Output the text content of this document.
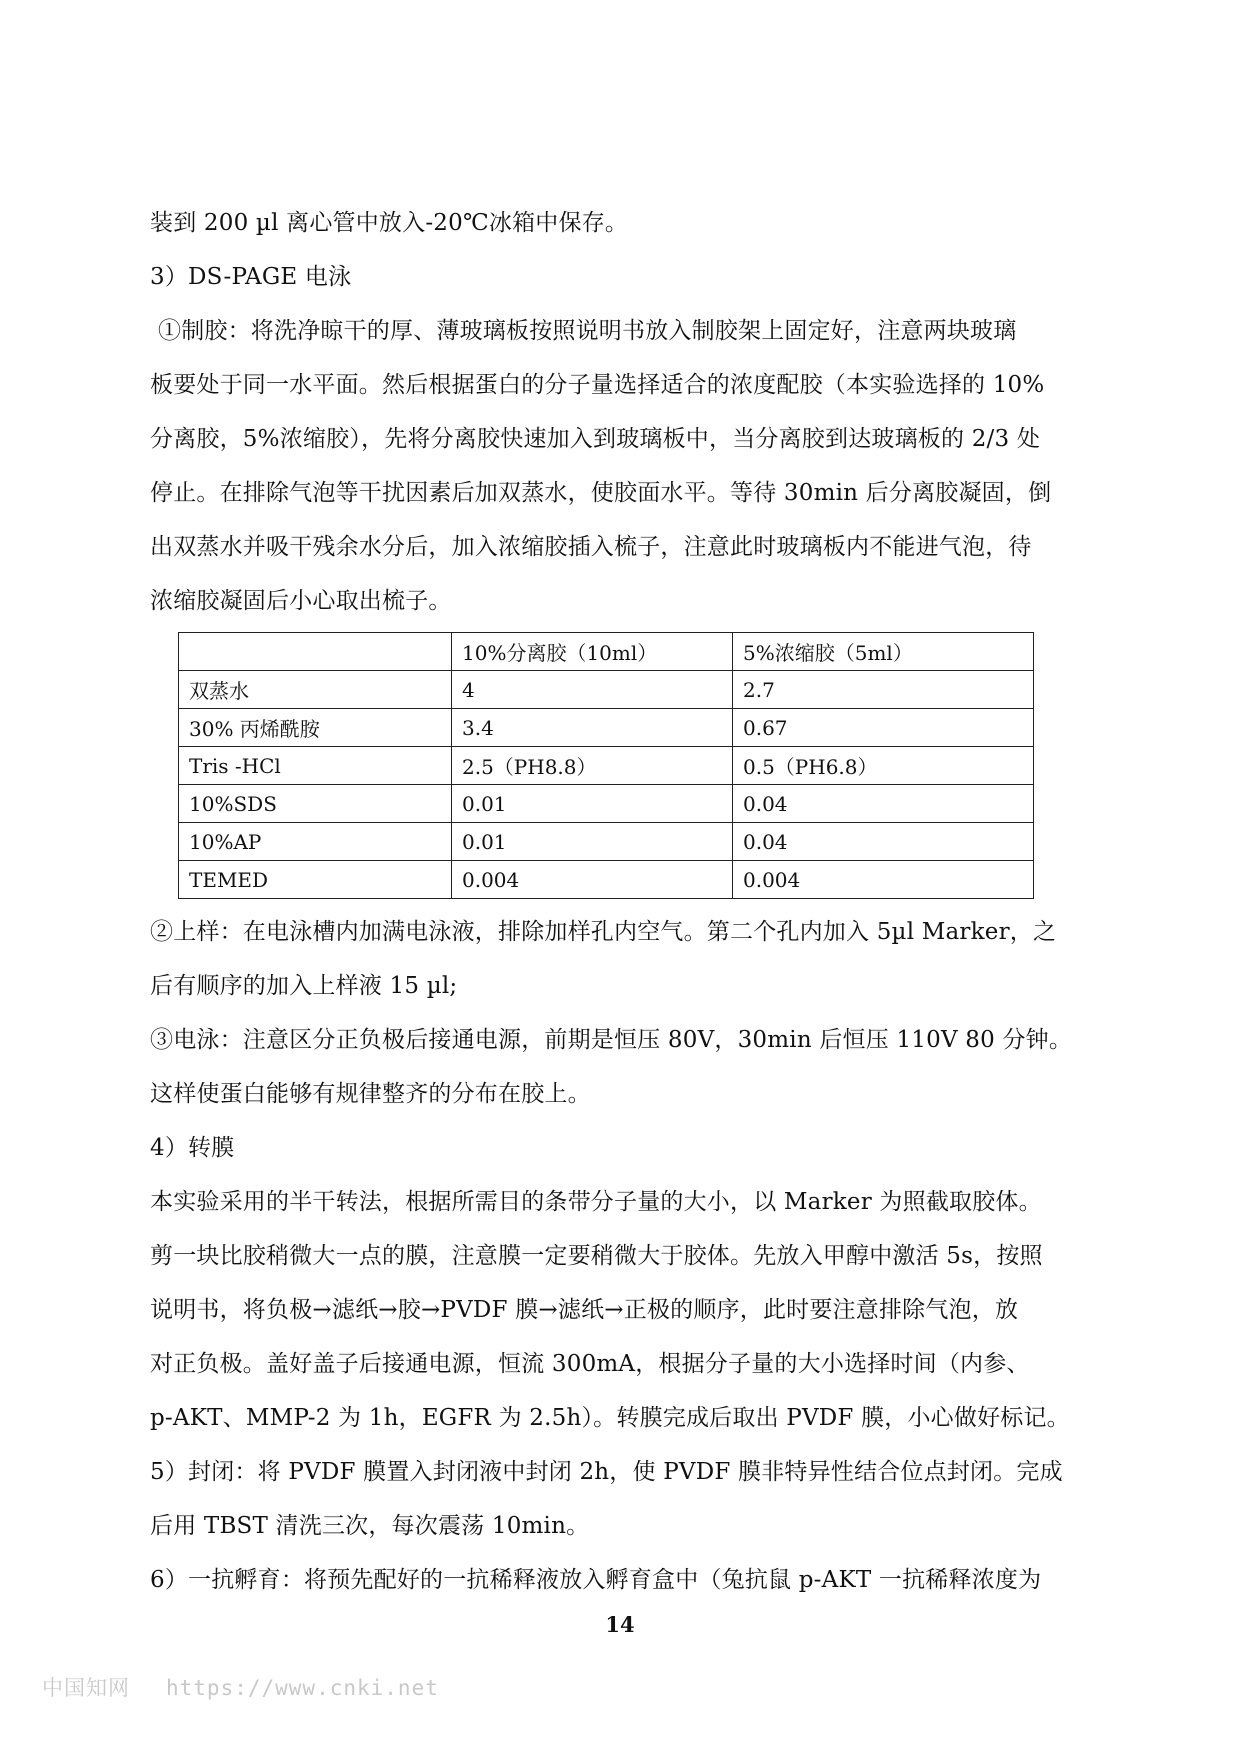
装到 200 µl 离心管中放入-20℃冰箱中保存。

3）DS-PAGE 电泳

①制胶：将洗净晾干的厚、薄玻璃板按照说明书放入制胶架上固定好，注意两块玻璃

板要处于同一水平面。然后根据蛋白的分子量选择适合的浓度配胶（本实验选择的 10%

分离胶，5%浓缩胶），先将分离胶快速加入到玻璃板中，当分离胶到达玻璃板的 2/3 处

停止。在排除气泡等干扰因素后加双蒸水，使胶面水平。等待 30min 后分离胶凝固，倒

出双蒸水并吸干残余水分后，加入浓缩胶插入梳子，注意此时玻璃板内不能进气泡，待

浓缩胶凝固后小心取出梳子。

	10%分离胶（10ml）	5%浓缩胶（5ml）
双蒸水	4	2.7
30% 丙烯酰胺	3.4	0.67
Tris -HCl	2.5（PH8.8）	0.5（PH6.8）
10%SDS	0.01	0.04
10%AP	0.01	0.04
TEMED	0.004	0.004

②上样：在电泳槽内加满电泳液，排除加样孔内空气。第二个孔内加入 5µl Marker，之

后有顺序的加入上样液 15 µl;

③电泳：注意区分正负极后接通电源，前期是恒压 80V，30min 后恒压 110V 80 分钟。

这样使蛋白能够有规律整齐的分布在胶上。

4）转膜

本实验采用的半干转法，根据所需目的条带分子量的大小，以 Marker 为照截取胶体。

剪一块比胶稍微大一点的膜，注意膜一定要稍微大于胶体。先放入甲醇中激活 5s，按照

说明书，将负极→滤纸→胶→PVDF 膜→滤纸→正极的顺序，此时要注意排除气泡，放

对正负极。盖好盖子后接通电源，恒流 300mA，根据分子量的大小选择时间（内参、

p-AKT、MMP-2 为 1h，EGFR 为 2.5h）。转膜完成后取出 PVDF 膜，小心做好标记。

5）封闭：将 PVDF 膜置入封闭液中封闭 2h，使 PVDF 膜非特异性结合位点封闭。完成

后用 TBST 清洗三次，每次震荡 10min。

6）一抗孵育：将预先配好的一抗稀释液放入孵育盒中（兔抗鼠 p-AKT 一抗稀释浓度为

14
中国知网 https://www.cnki.net
